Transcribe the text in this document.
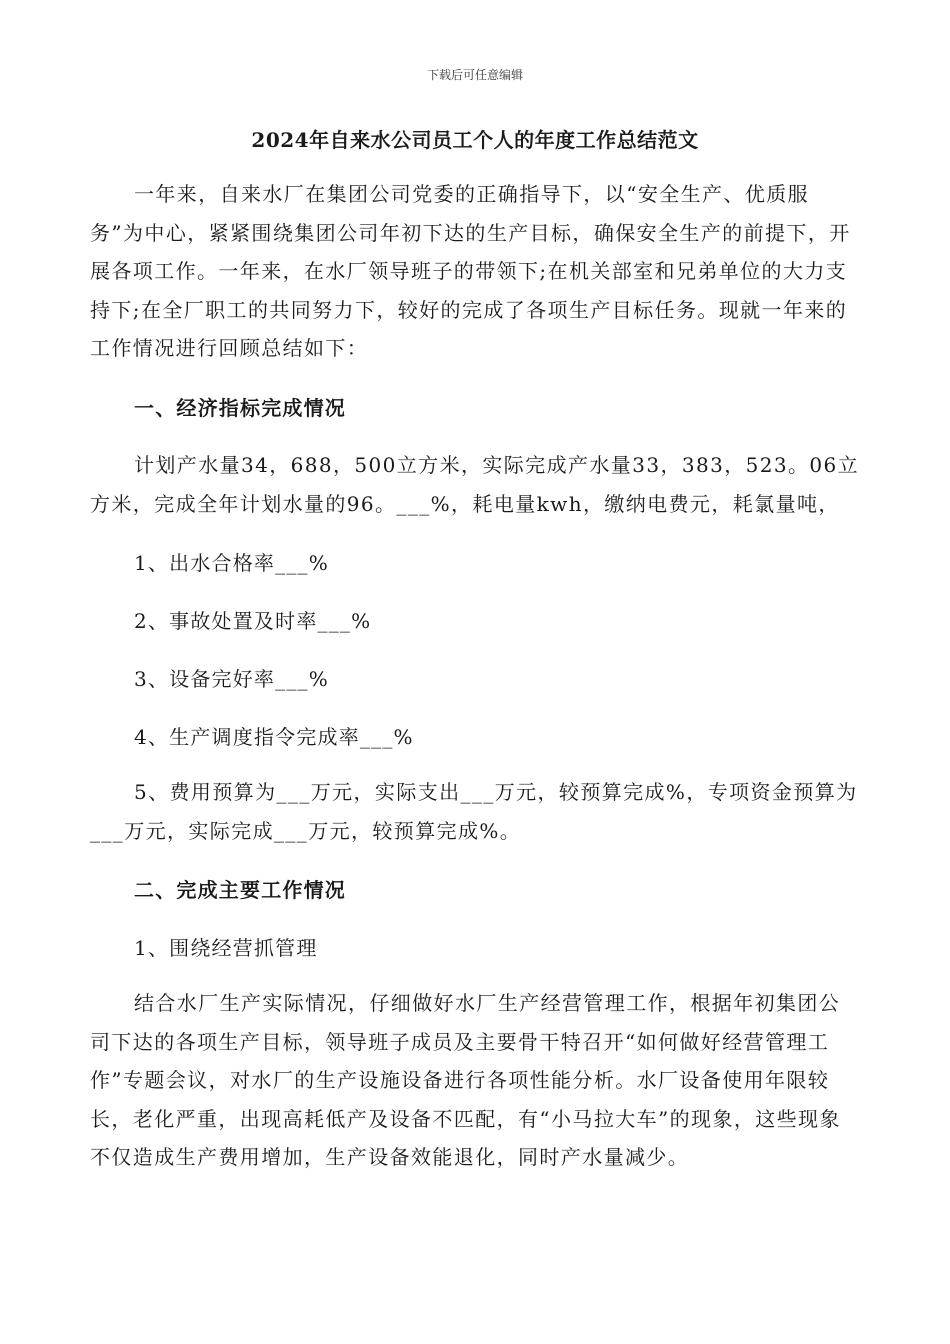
下载后可任意编辑
2024年自来水公司员工个人的年度工作总结范文
一年来，自来水厂在集团公司党委的正确指导下，以“安全生产、优质服务”为中心，紧紧围绕集团公司年初下达的生产目标，确保安全生产的前提下，开展各项工作。一年来，在水厂领导班子的带领下;在机关部室和兄弟单位的大力支持下;在全厂职工的共同努力下，较好的完成了各项生产目标任务。现就一年来的工作情况进行回顾总结如下：
一、经济指标完成情况
计划产水量34，688，500立方米，实际完成产水量33，383，523。06立方米，完成全年计划水量的96。___%，耗电量kwh，缴纳电费元，耗氯量吨，
1、出水合格率___%
2、事故处置及时率___%
3、设备完好率___%
4、生产调度指令完成率___%
5、费用预算为___万元，实际支出___万元，较预算完成%，专项资金预算为___万元，实际完成___万元，较预算完成%。
二、完成主要工作情况
1、围绕经营抓管理
结合水厂生产实际情况，仔细做好水厂生产经营管理工作，根据年初集团公司下达的各项生产目标，领导班子成员及主要骨干特召开“如何做好经营管理工作”专题会议，对水厂的生产设施设备进行各项性能分析。水厂设备使用年限较长，老化严重，出现高耗低产及设备不匹配，有“小马拉大车”的现象，这些现象不仅造成生产费用增加，生产设备效能退化，同时产水量减少。
